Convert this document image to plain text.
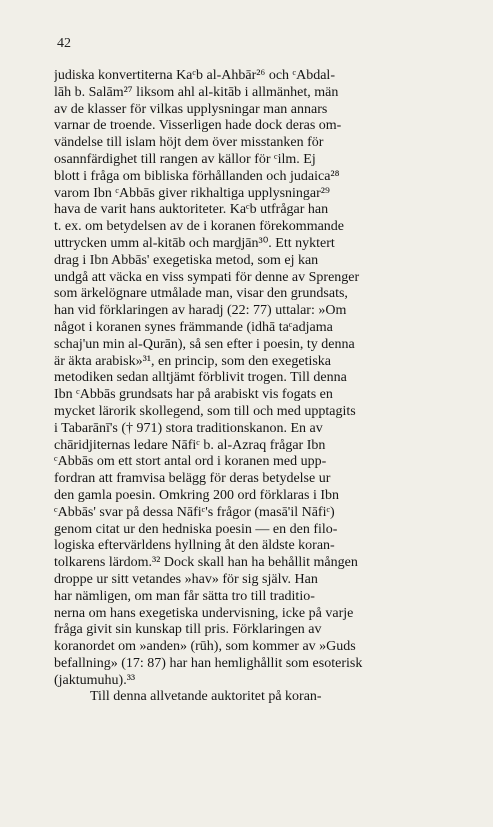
42
judiska konvertiterna Kaᶜb al-Ahbār²⁶ och ᶜAbdal-
lāh b. Salām²⁷ liksom ahl al-kitāb i allmänhet, män
av de klasser för vilkas upplysningar man annars
varnar de troende. Visserligen hade dock deras om-
vändelse till islam höjt dem över misstanken för
osannfärdighet till rangen av källor för ᶜilm. Ej
blott i fråga om bibliska förhållanden och judaica²⁸
varom Ibn ᶜAbbās giver rikhaltiga upplysningar²⁹
hava de varit hans auktoriteter. Kaᶜb utfrågar han
t. ex. om betydelsen av de i koranen förekommande
uttrycken umm al-kitāb och marḏjān³⁰. Ett nyktert
drag i Ibn Abbās' exegetiska metod, som ej kan
undgå att väcka en viss sympati för denne av Sprenger
som ärkelögnare utmålade man, visar den grundsats,
han vid förklaringen av haradj (22: 77) uttalar: »Om
något i koranen synes främmande (idhā taᶜadjama
schaj'un min al-Qurān), så sen efter i poesin, ty denna
är äkta arabisk»³¹, en princip, som den exegetiska
metodiken sedan alltjämt förblivit trogen. Till denna
Ibn ᶜAbbās grundsats har på arabiskt vis fogats en
mycket lärorik skollegend, som till och med upptagits
i Tabarānī's († 971) stora traditionskanon. En av
chāridjiternas ledare Nāfiᶜ b. al-Azraq frågar Ibn
ᶜAbbās om ett stort antal ord i koranen med upp-
fordran att framvisa belägg för deras betydelse ur
den gamla poesin. Omkring 200 ord förklaras i Ibn
ᶜAbbās' svar på dessa Nāfiᶜ's frågor (masā'il Nāfiᶜ)
genom citat ur den hedniska poesin — en den filo-
logiska eftervärldens hyllning åt den äldste koran-
tolkarens lärdom.³² Dock skall han ha behållit mången
droppe ur sitt vetandes »hav» för sig själv. Han
har nämligen, om man får sätta tro till traditio-
nerna om hans exegetiska undervisning, icke på varje
fråga givit sin kunskap till pris. Förklaringen av
koranordet om »anden» (rūh), som kommer av »Guds
befallning» (17: 87) har han hemlighållit som esoterisk
(jaktumuhu).³³
Till denna allvetande auktoritet på koran-
